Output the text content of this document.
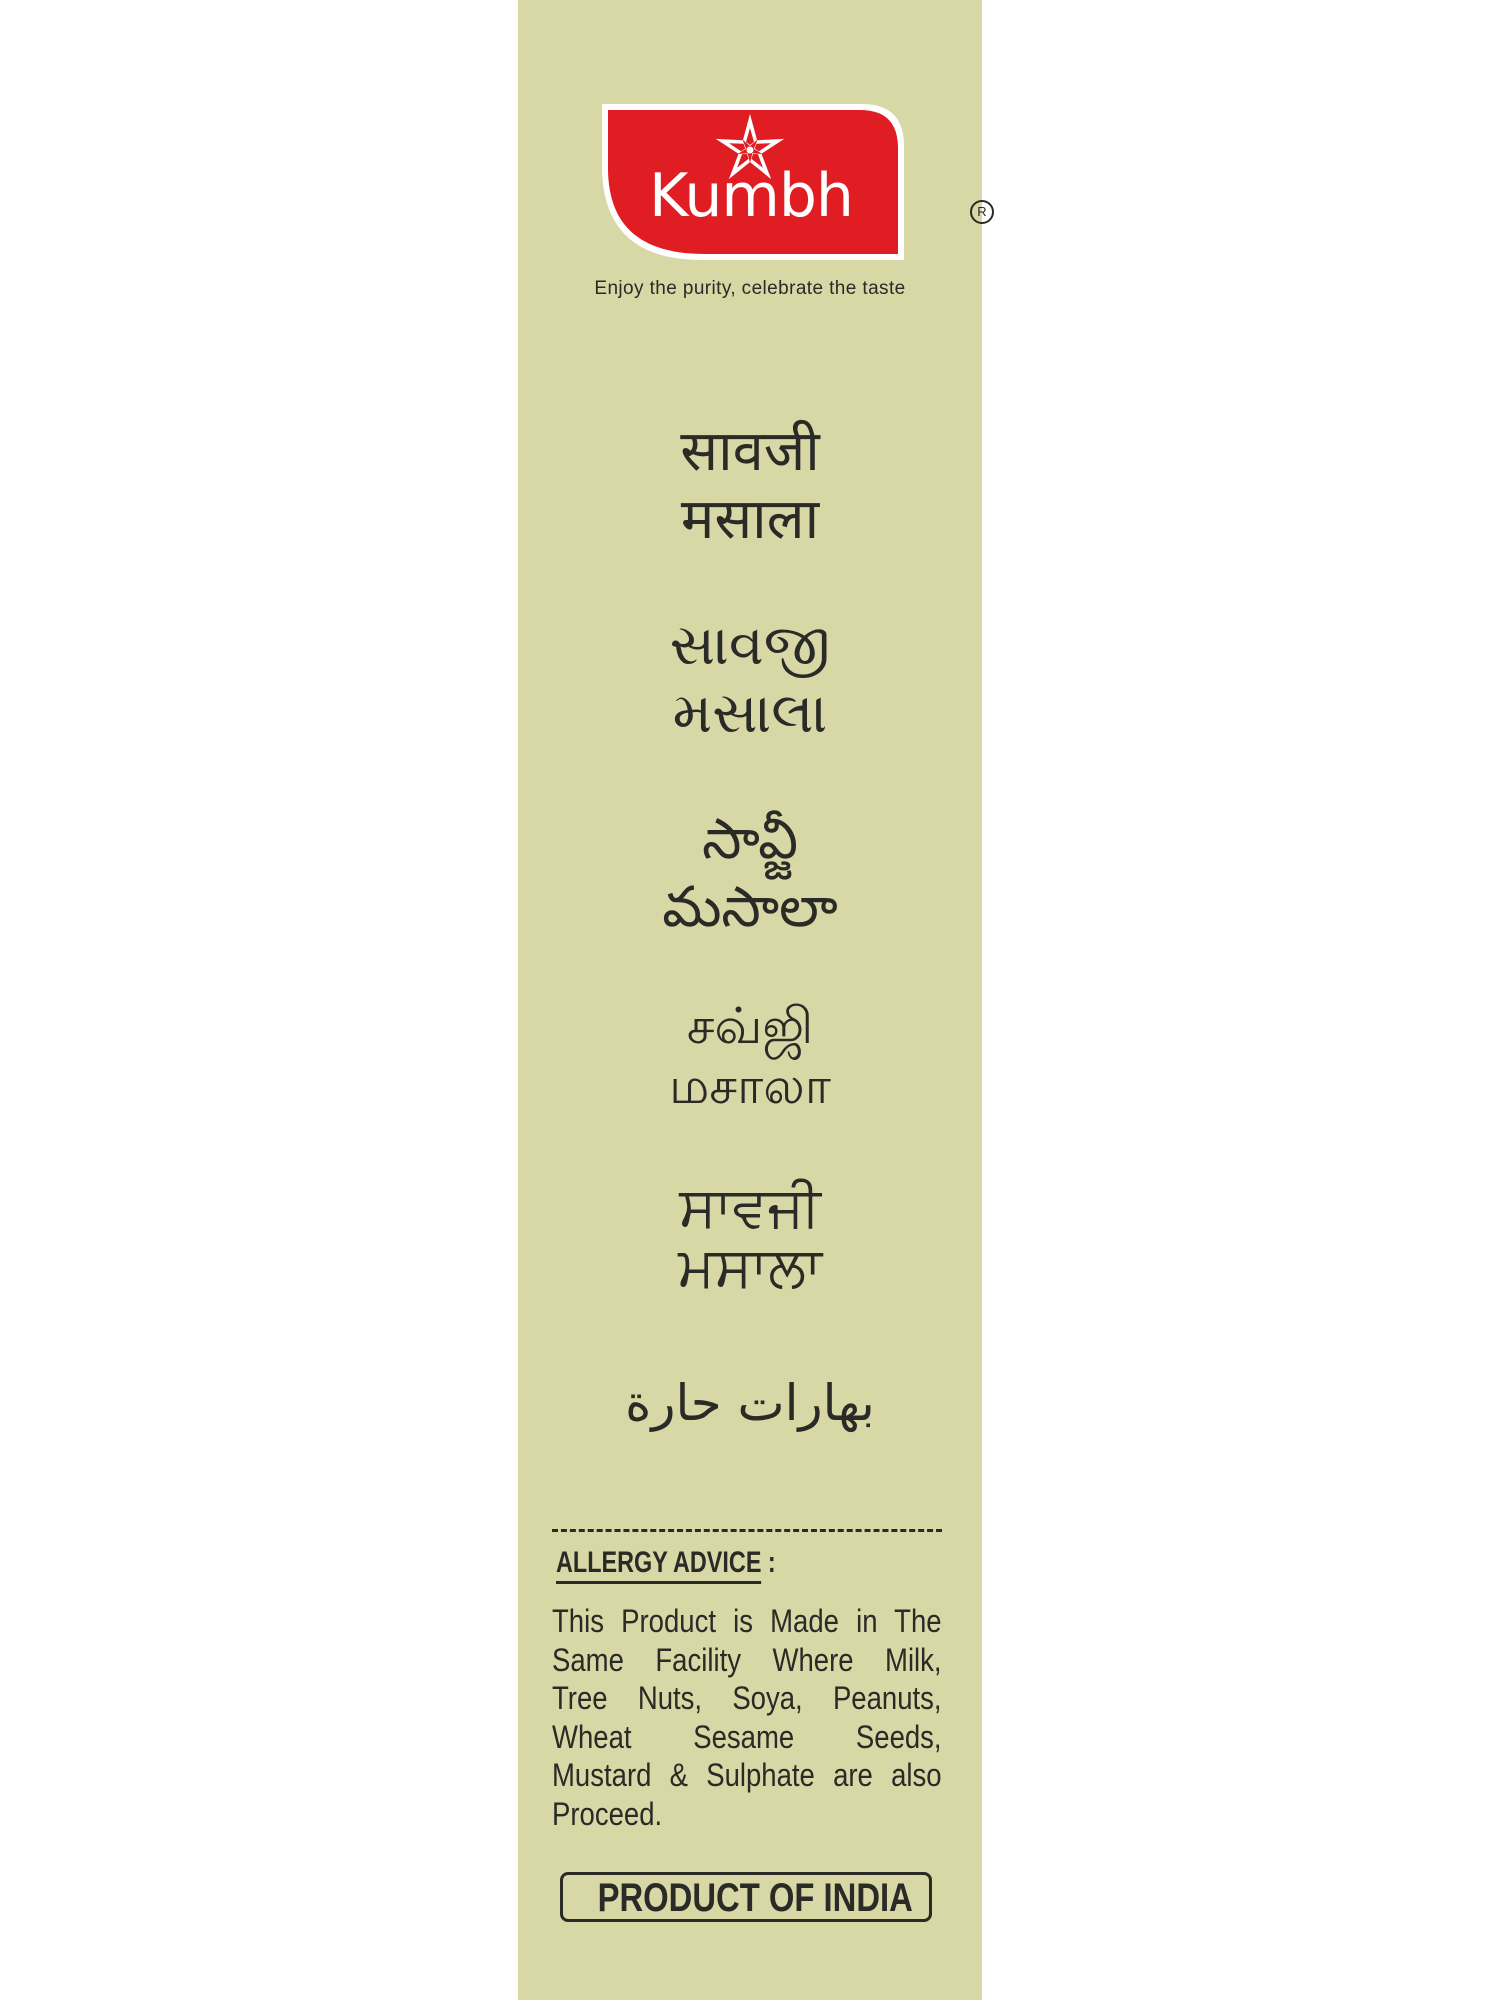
Kumbh	R
Enjoy the purity, celebrate the taste
सावजी
मसाला
સાવજી
મસાલા
సావ్జీ
మసాలా
சவ்ஜி
மசாலா
ਸਾਵਜੀ
ਮਸਾਲਾ
بهارات حارة
ALLERGY ADVICE :
This Product is Made in The
Same Facility Where Milk,
Tree Nuts, Soya, Peanuts,
Wheat Sesame Seeds,
Mustard & Sulphate are also
Proceed.
PRODUCT OF INDIA
